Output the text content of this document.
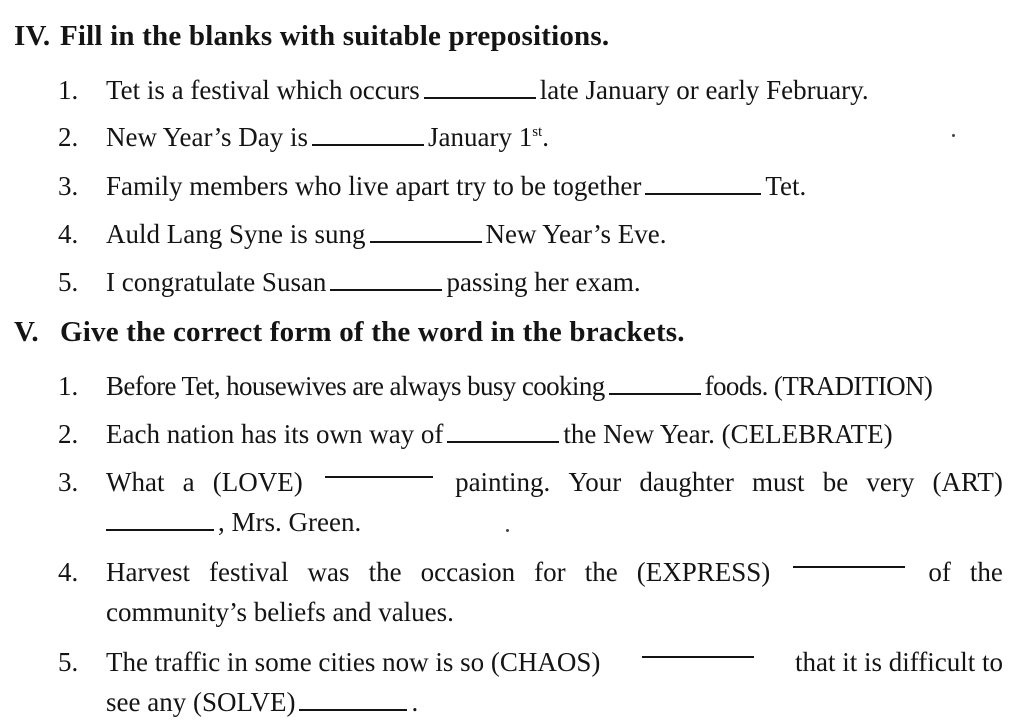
IV. Fill in the blanks with suitable prepositions.
1.	Tet is a festival which occurs	late January or early February.
2.	New Year’s Day is	January 1st.
3.	Family members who live apart try to be together	Tet.
4.	Auld Lang Syne is sung	New Year’s Eve.
5.	I congratulate Susan	passing her exam.
V. Give the correct form of the word in the brackets.
1.	Before Tet, housewives are always busy cooking	foods. (TRADITION)
2.	Each nation has its own way of	the New Year. (CELEBRATE)
3.	What a (LOVE)	painting. Your daughter must be very (ART)
, Mrs. Green.
4.	Harvest festival was the occasion for the (EXPRESS)	of the
community’s beliefs and values.
5.	The traffic in some cities now is so (CHAOS)	that it is difficult to
see any (SOLVE)	.
